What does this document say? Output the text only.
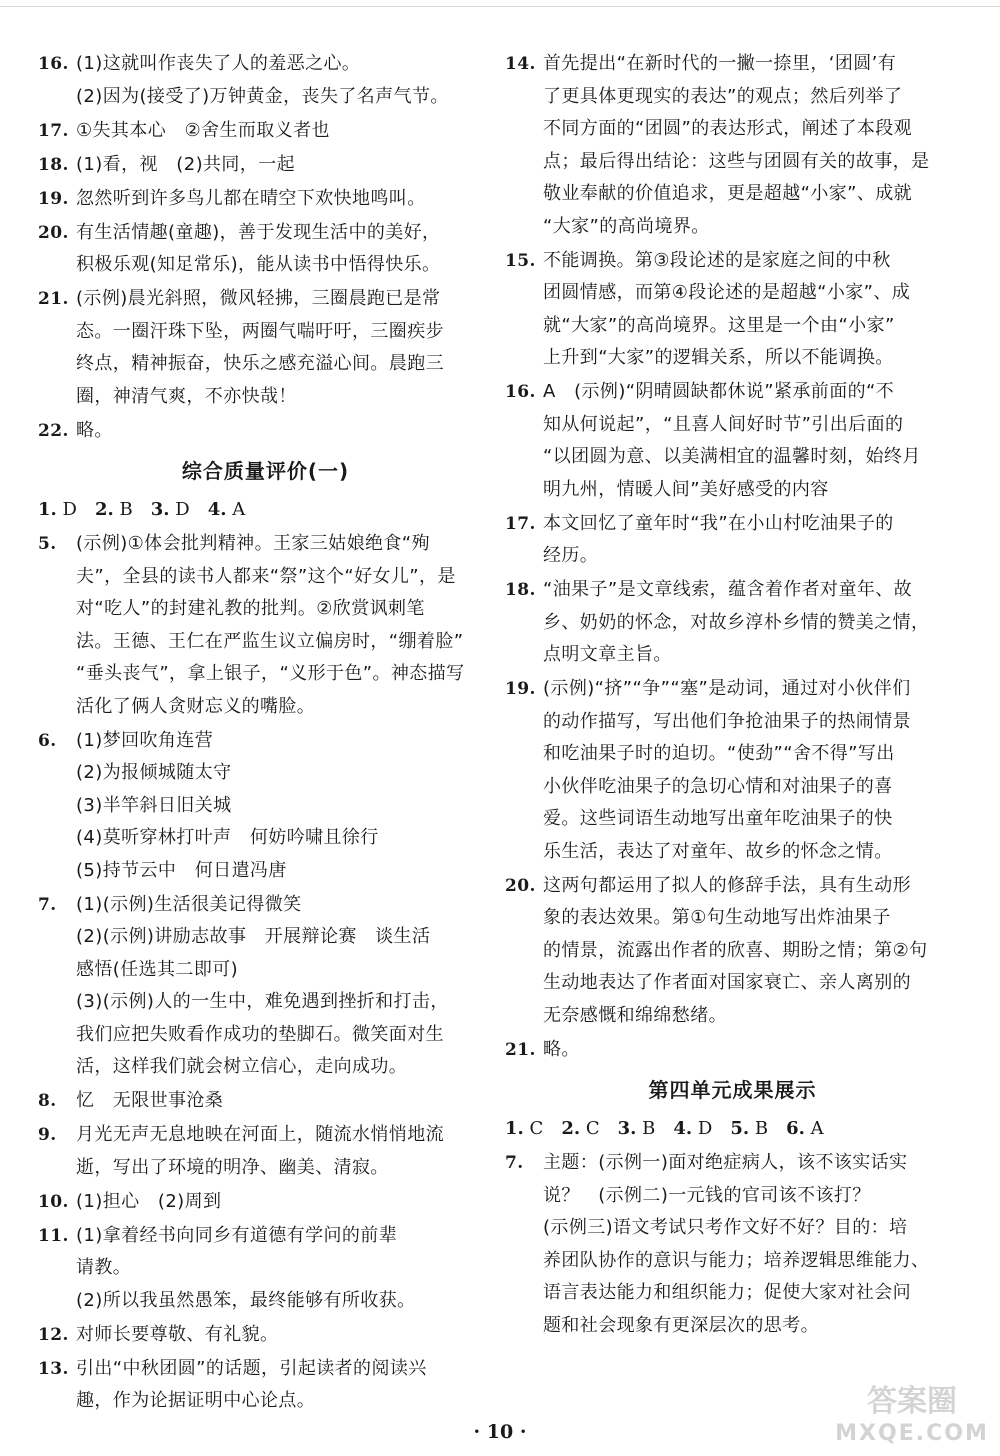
16. (1)这就叫作丧失了人的羞恶之心。
(2)因为(接受了)万钟黄金，丧失了名声气节。
17. ①失其本心　②舍生而取义者也
18. (1)看，视　(2)共同，一起
19. 忽然听到许多鸟儿都在晴空下欢快地鸣叫。
20. 有生活情趣(童趣)，善于发现生活中的美好，
积极乐观(知足常乐)，能从读书中悟得快乐。
21. (示例)晨光斜照，微风轻拂，三圈晨跑已是常
态。一圈汗珠下坠，两圈气喘吁吁，三圈疾步
终点，精神振奋，快乐之感充溢心间。晨跑三
圈，神清气爽，不亦快哉！
22. 略。
综合质量评价(一)
1. D 2. B 3. D 4. A
5. (示例)①体会批判精神。王家三姑娘绝食“殉
夫”，全县的读书人都来“祭”这个“好女儿”，是
对“吃人”的封建礼教的批判。②欣赏讽刺笔
法。王德、王仁在严监生议立偏房时，“绷着脸”
“垂头丧气”，拿上银子，“义形于色”。神态描写
活化了俩人贪财忘义的嘴脸。
6. (1)梦回吹角连营
(2)为报倾城随太守
(3)半竿斜日旧关城
(4)莫听穿林打叶声　何妨吟啸且徐行
(5)持节云中　何日遣冯唐
7. (1)(示例)生活很美记得微笑
(2)(示例)讲励志故事　开展辩论赛　谈生活
感悟(任选其二即可)
(3)(示例)人的一生中，难免遇到挫折和打击，
我们应把失败看作成功的垫脚石。微笑面对生
活，这样我们就会树立信心，走向成功。
8. 忆　无限世事沧桑
9. 月光无声无息地映在河面上，随流水悄悄地流
逝，写出了环境的明净、幽美、清寂。
10. (1)担心　(2)周到
11. (1)拿着经书向同乡有道德有学问的前辈
请教。
(2)所以我虽然愚笨，最终能够有所收获。
12. 对师长要尊敬、有礼貌。
13. 引出“中秋团圆”的话题，引起读者的阅读兴
趣，作为论据证明中心论点。
14. 首先提出“在新时代的一撇一捺里，‘团圆’有
了更具体更现实的表达”的观点；然后列举了
不同方面的“团圆”的表达形式，阐述了本段观
点；最后得出结论：这些与团圆有关的故事，是
敬业奉献的价值追求，更是超越“小家”、成就
“大家”的高尚境界。
15. 不能调换。第③段论述的是家庭之间的中秋
团圆情感，而第④段论述的是超越“小家”、成
就“大家”的高尚境界。这里是一个由“小家”
上升到“大家”的逻辑关系，所以不能调换。
16. A　(示例)“阴晴圆缺都休说”紧承前面的“不
知从何说起”，“且喜人间好时节”引出后面的
“以团圆为意、以美满相宜的温馨时刻，始终月
明九州，情暖人间”美好感受的内容
17. 本文回忆了童年时“我”在小山村吃油果子的
经历。
18. “油果子”是文章线索，蕴含着作者对童年、故
乡、奶奶的怀念，对故乡淳朴乡情的赞美之情，
点明文章主旨。
19. (示例)“挤”“争”“塞”是动词，通过对小伙伴们
的动作描写，写出他们争抢油果子的热闹情景
和吃油果子时的迫切。“使劲”“舍不得”写出
小伙伴吃油果子的急切心情和对油果子的喜
爱。这些词语生动地写出童年吃油果子的快
乐生活，表达了对童年、故乡的怀念之情。
20. 这两句都运用了拟人的修辞手法，具有生动形
象的表达效果。第①句生动地写出炸油果子
的情景，流露出作者的欣喜、期盼之情；第②句
生动地表达了作者面对国家衰亡、亲人离别的
无奈感慨和绵绵愁绪。
21. 略。
第四单元成果展示
1. C 2. C 3. B 4. D 5. B 6. A
7. 主题：(示例一)面对绝症病人，该不该实话实
说？　(示例二)一元钱的官司该不该打？
(示例三)语文考试只考作文好不好？目的：培
养团队协作的意识与能力；培养逻辑思维能力、
语言表达能力和组织能力；促使大家对社会问
题和社会现象有更深层次的思考。
· 10 ·
答案圈
MXQE.COM
